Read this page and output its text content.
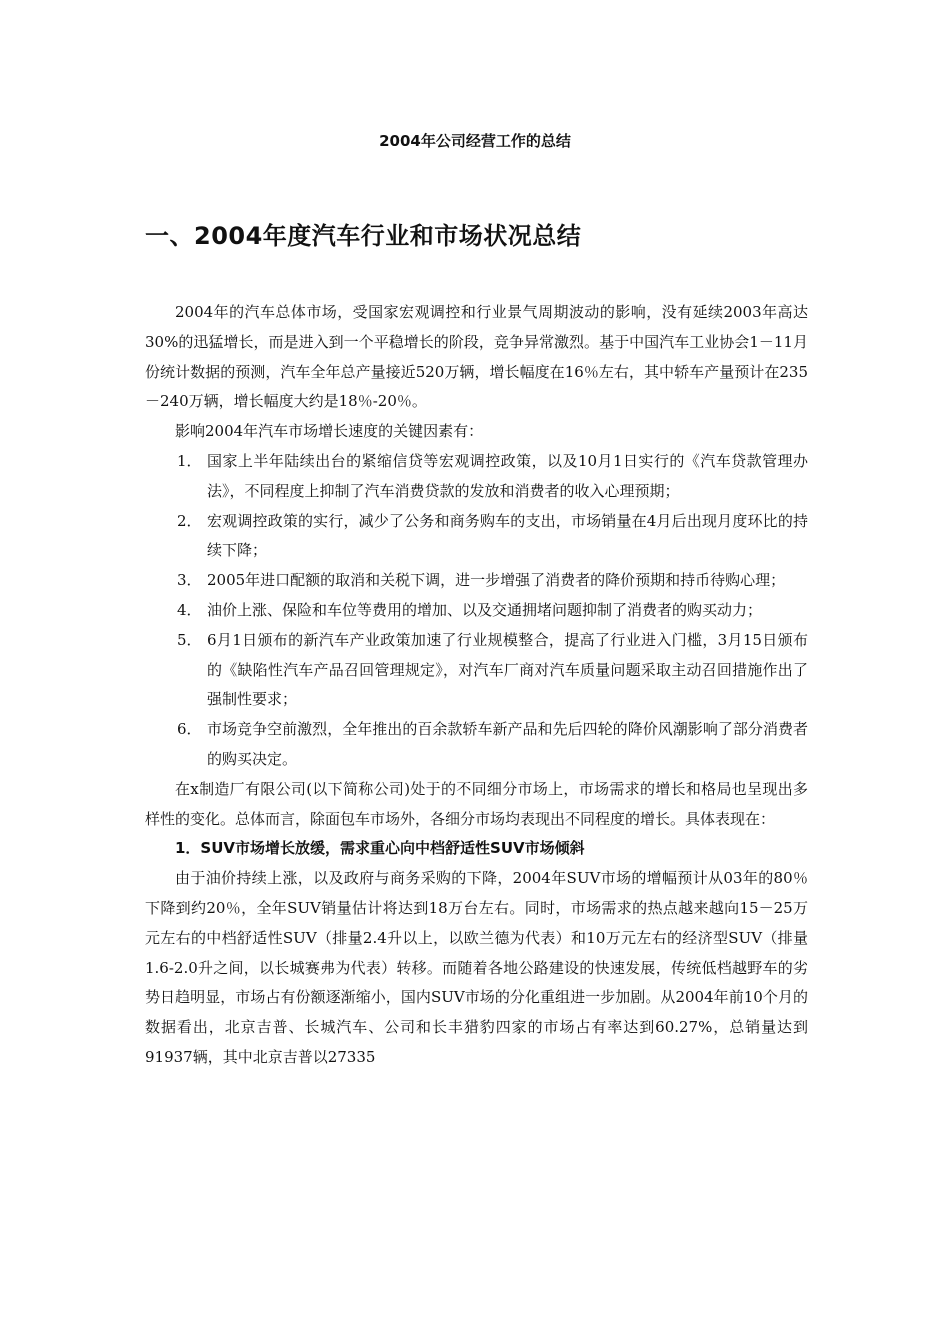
2004年公司经营工作的总结
一、2004年度汽车行业和市场状况总结

2004年的汽车总体市场，受国家宏观调控和行业景气周期波动的影响，没有延续2003年高达30%的迅猛增长，而是进入到一个平稳增长的阶段，竞争异常激烈。基于中国汽车工业协会1－11月份统计数据的预测，汽车全年总产量接近520万辆，增长幅度在16％左右，其中轿车产量预计在235－240万辆，增长幅度大约是18％-20％。

影响2004年汽车市场增长速度的关键因素有：

1． 国家上半年陆续出台的紧缩信贷等宏观调控政策，以及10月1日实行的《汽车贷款管理办法》，不同程度上抑制了汽车消费贷款的发放和消费者的收入心理预期；
2． 宏观调控政策的实行，减少了公务和商务购车的支出，市场销量在4月后出现月度环比的持续下降；
3． 2005年进口配额的取消和关税下调，进一步增强了消费者的降价预期和持币待购心理；
4． 油价上涨、保险和车位等费用的增加、以及交通拥堵问题抑制了消费者的购买动力；
5． 6月1日颁布的新汽车产业政策加速了行业规模整合，提高了行业进入门槛，3月15日颁布的《缺陷性汽车产品召回管理规定》，对汽车厂商对汽车质量问题采取主动召回措施作出了强制性要求；
6． 市场竞争空前激烈，全年推出的百余款轿车新产品和先后四轮的降价风潮影响了部分消费者的购买决定。

在x制造厂有限公司(以下简称公司)处于的不同细分市场上，市场需求的增长和格局也呈现出多样性的变化。总体而言，除面包车市场外，各细分市场均表现出不同程度的增长。具体表现在：

1．SUV市场增长放缓，需求重心向中档舒适性SUV市场倾斜

由于油价持续上涨，以及政府与商务采购的下降，2004年SUV市场的增幅预计从03年的80％下降到约20％，全年SUV销量估计将达到18万台左右。同时，市场需求的热点越来越向15－25万元左右的中档舒适性SUV（排量2.4升以上，以欧兰德为代表）和10万元左右的经济型SUV（排量1.6-2.0升之间，以长城赛弗为代表）转移。而随着各地公路建设的快速发展，传统低档越野车的劣势日趋明显，市场占有份额逐渐缩小，国内SUV市场的分化重组进一步加剧。从2004年前10个月的数据看出，北京吉普、长城汽车、公司和长丰猎豹四家的市场占有率达到60.27%，总销量达到91937辆，其中北京吉普以27335
